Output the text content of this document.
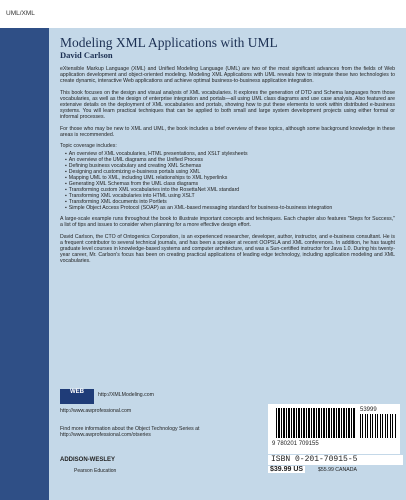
UML/XML
Modeling XML Applications with UML
David Carlson

eXtensible Markup Language (XML) and Unified Modeling Language (UML) are two of the most significant advances from the fields of Web application development and object-oriented modeling. Modeling XML Applications with UML reveals how to integrate these two technologies to create dynamic, interactive Web applications and achieve optimal business-to-business application integration.

This book focuses on the design and visual analysis of XML vocabularies. It explores the generation of DTD and Schema languages from those vocabularies, as well as the design of enterprise integration and portals—all using UML class diagrams and use case analysis. Also featured are extensive details on the deployment of XML vocabularies and portals, showing how to put these elements to work within distributed e-business systems. You will learn practical techniques that can be applied to both small and large system development projects using either formal or informal processes.

For those who may be new to XML and UML, the book includes a brief overview of these topics, although some background knowledge in these areas is recommended.

Topic coverage includes:

▪ An overview of XML vocabularies, HTML presentations, and XSLT stylesheets
▪ An overview of the UML diagrams and the Unified Process
▪ Defining business vocabulary and creating XML Schemas
▪ Designing and customizing e-business portals using XML
▪ Mapping UML to XML, including UML relationships to XML hyperlinks
▪ Generating XML Schemas from the UML class diagrams
▪ Transforming custom XML vocabularies into the RosettaNet XML standard
▪ Transforming XML vocabularies into HTML using XSLT
▪ Transforming XML documents into Portlets
▪ Simple Object Access Protocol (SOAP) as an XML-based messaging standard for business-to-business integration

A large-scale example runs throughout the book to illustrate important concepts and techniques. Each chapter also features "Steps for Success," a list of tips and issues to consider when planning for a more effective design effort.

David Carlson, the CTO of Ontogenics Corporation, is an experienced researcher, developer, author, instructor, and e-business consultant. He is a frequent contributor to several technical journals, and has been a speaker at recent OOPSLA and XML conferences. In addition, he has taught graduate level courses in knowledge-based systems and computer architecture, and was a Sun-certified instructor for Java 1.0. During his twenty-year career, Mr. Carlson's focus has been on creating practical applications of leading edge technology, including application modeling and XML vocabularies.

WEB	http://XMLModeling.com
http://www.awprofessional.com
Find more information about the Object Technology Series at http://www.awprofessional.com/otseries
ADDISON-WESLEY
Pearson Education
53999
9 780201 709155
ISBN 0-201-70915-5
$39.99 US	$55.99 CANADA
